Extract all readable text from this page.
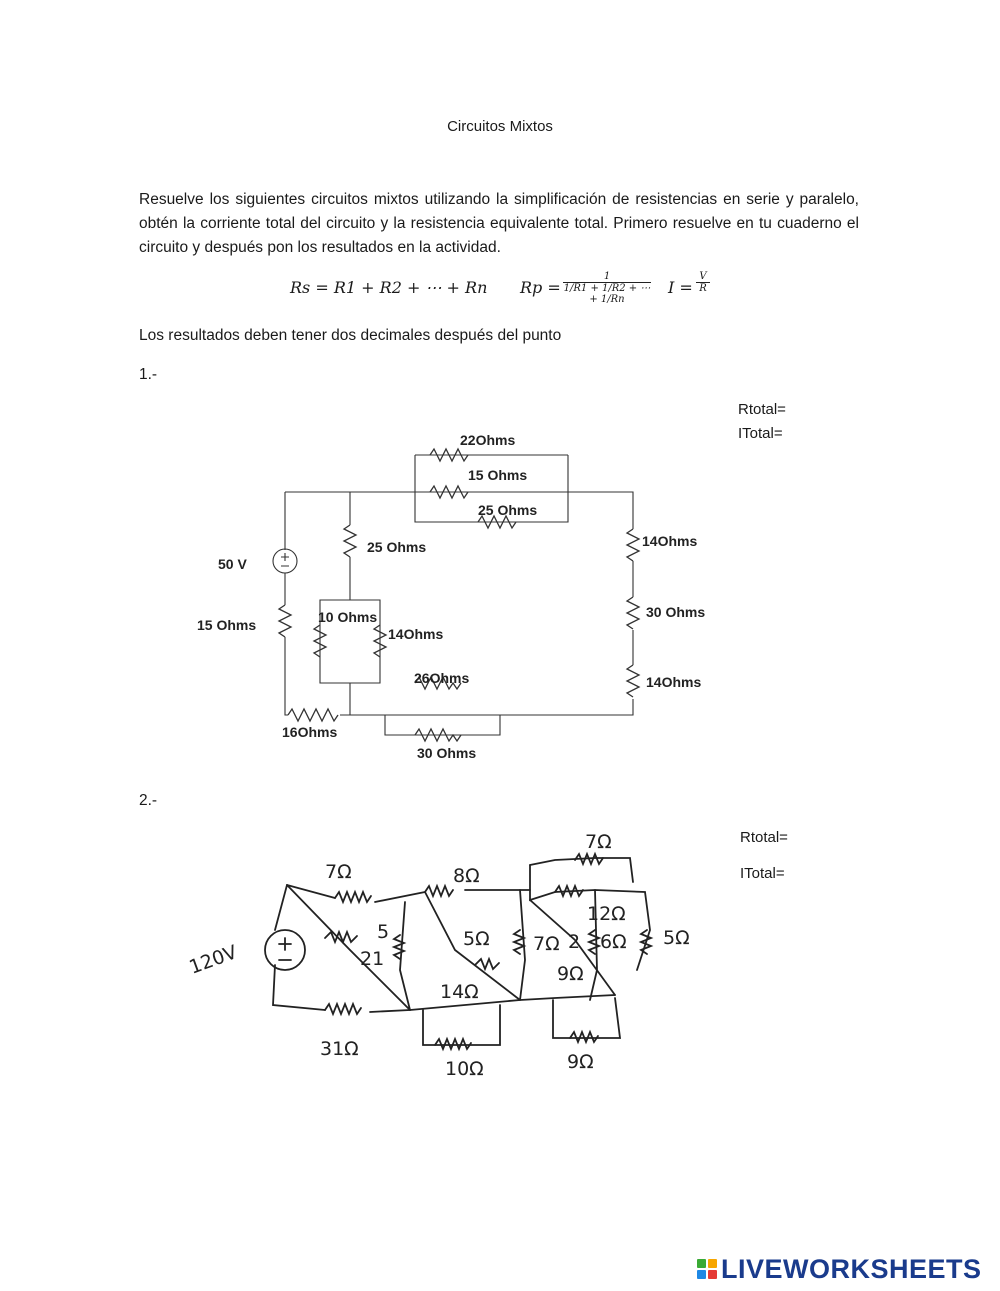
Circuitos Mixtos
Resuelve los siguientes circuitos mixtos utilizando la simplificación de resistencias en serie y paralelo, obtén la corriente total del circuito y la resistencia equivalente total. Primero resuelve en tu cuaderno el circuito y después pon los resultados en la actividad.
Rs = R1 + R2 + ⋯ + Rn $Rp = \frac{1}{1/R1 + 1/R2 + \cdots + 1/Rn}$ $I = \frac{V}{R}$
Los resultados deben tener dos decimales después del punto
1.-
Rtotal=
ITotal=
50 V
22Ohms
15 Ohms
25 Ohms
25 Ohms
10 Ohms
14Ohms
15 Ohms
16Ohms
26Ohms
30 Ohms
14Ohms
30 Ohms
14Ohms
2.-
Rtotal=
ITotal=
120V
7Ω	8Ω
7Ω
12Ω
5	5Ω
21
7Ω 2 6Ω 5Ω
9Ω
14Ω
31Ω
10Ω	9Ω
LIVEWORKSHEETS
